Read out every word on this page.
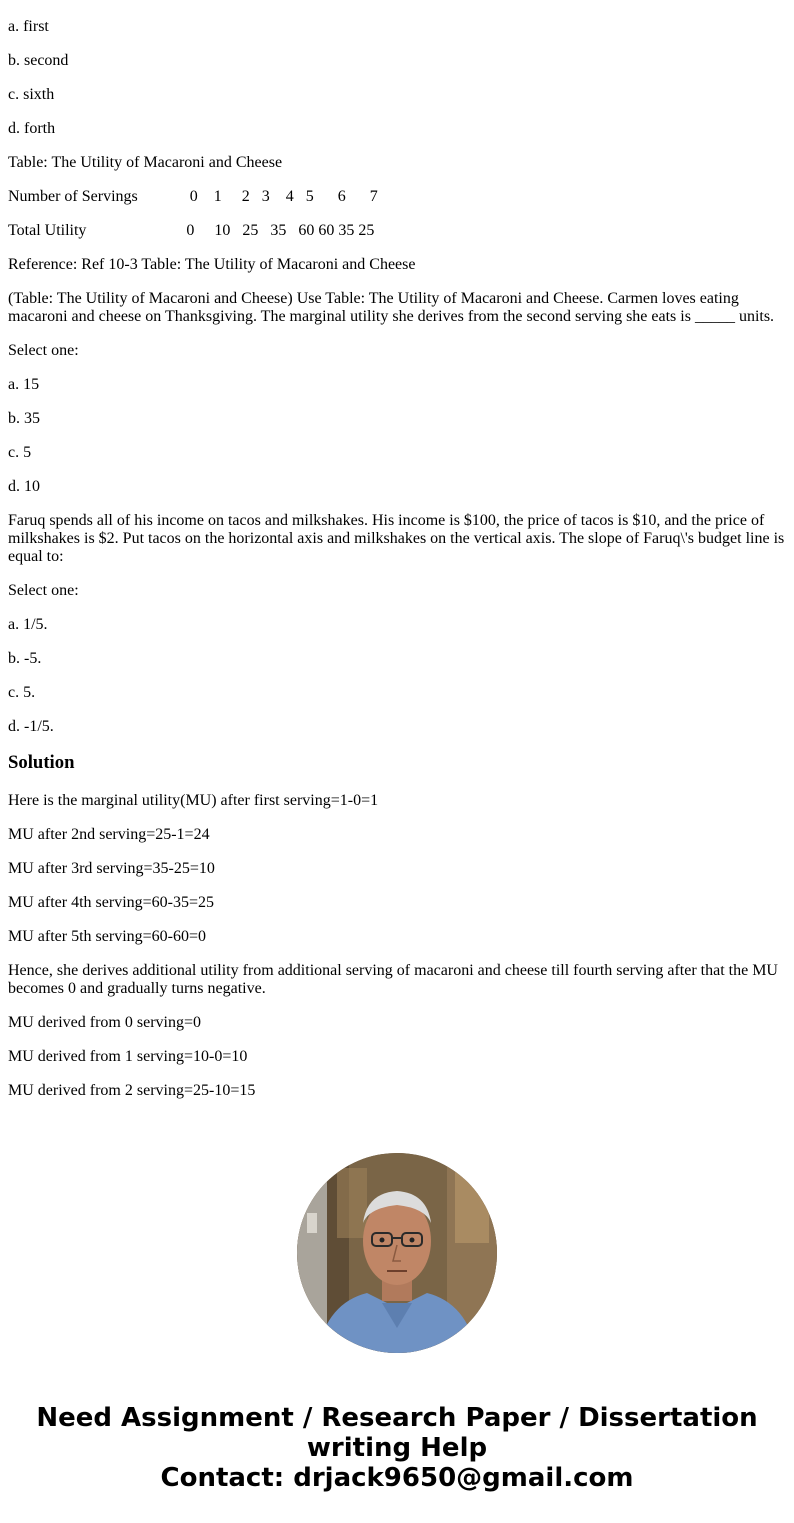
a. first

b. second

c. sixth

d. forth

Table: The Utility of Macaroni and Cheese

Number of Servings             0    1     2   3    4   5      6      7

Total Utility                         0     10   25   35   60 60 35 25

Reference: Ref 10-3 Table: The Utility of Macaroni and Cheese

(Table: The Utility of Macaroni and Cheese) Use Table: The Utility of Macaroni and Cheese. Carmen loves eating macaroni and cheese on Thanksgiving. The marginal utility she derives from the second serving she eats is _____ units.

Select one:

a. 15

b. 35

c. 5

d. 10

Faruq spends all of his income on tacos and milkshakes. His income is $100, the price of tacos is $10, and the price of milkshakes is $2. Put tacos on the horizontal axis and milkshakes on the vertical axis. The slope of Faruq\'s budget line is equal to:

Select one:

a. 1/5.

b. -5.

c. 5.

d. -1/5.

Solution

Here is the marginal utility(MU) after first serving=1-0=1

MU after 2nd serving=25-1=24

MU after 3rd serving=35-25=10

MU after 4th serving=60-35=25

MU after 5th serving=60-60=0

Hence, she derives additional utility from additional serving of macaroni and cheese till fourth serving after that the MU becomes 0 and gradually turns negative.

MU derived from 0 serving=0

MU derived from 1 serving=10-0=10

MU derived from 2 serving=25-10=15

Need Assignment / Research Paper / Dissertation
writing Help
Contact: drjack9650@gmail.com
